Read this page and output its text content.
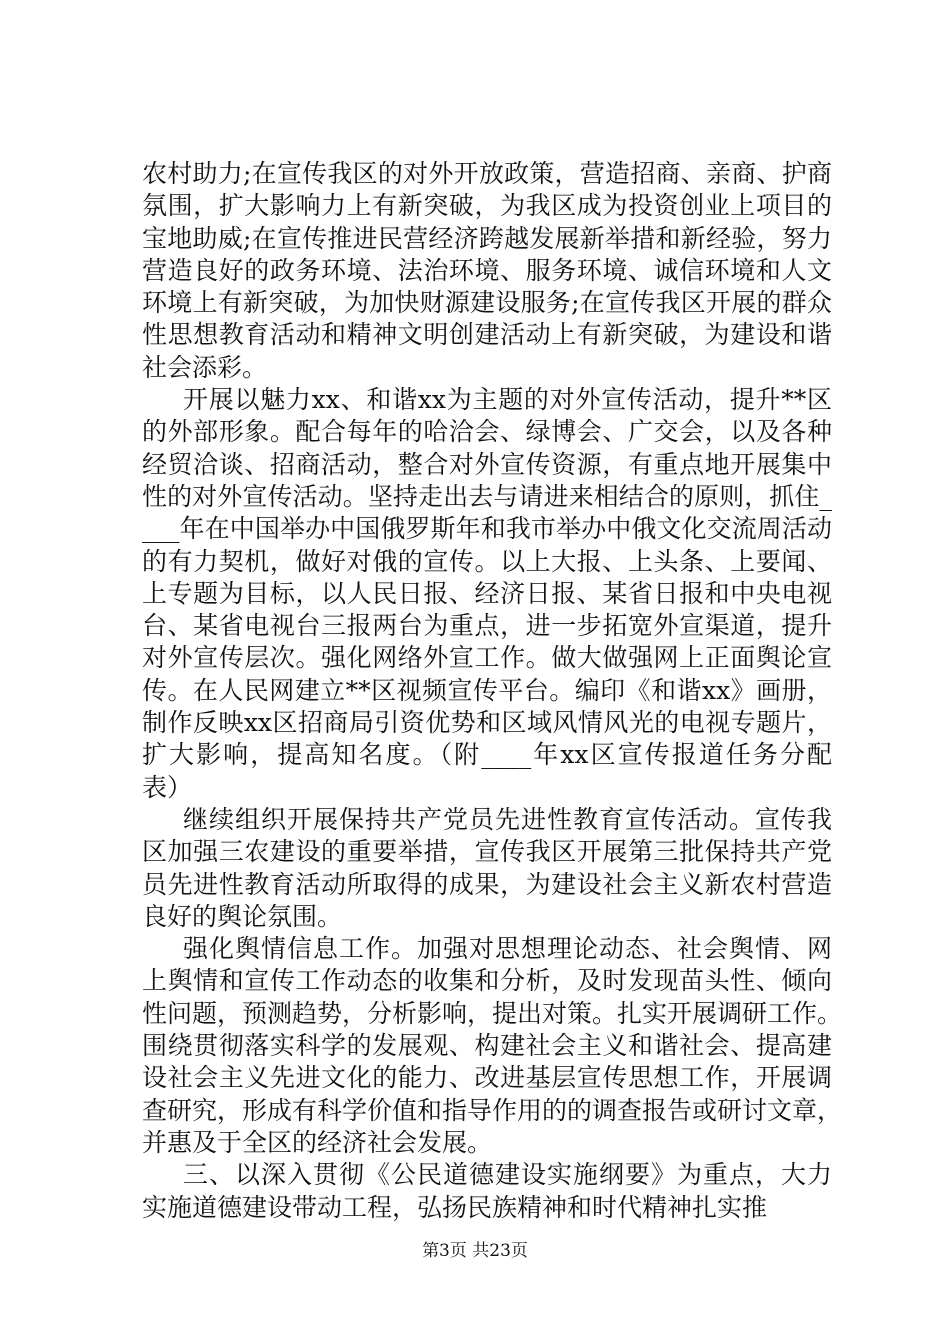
农村助力;在宣传我区的对外开放政策，营造招商、亲商、护商
氛围，扩大影响力上有新突破，为我区成为投资创业上项目的
宝地助威;在宣传推进民营经济跨越发展新举措和新经验，努力
营造良好的政务环境、法治环境、服务环境、诚信环境和人文
环境上有新突破，为加快财源建设服务;在宣传我区开展的群众
性思想教育活动和精神文明创建活动上有新突破，为建设和谐
社会添彩。
开展以魅力xx、和谐xx为主题的对外宣传活动，提升**区
的外部形象。配合每年的哈洽会、绿博会、广交会，以及各种
经贸洽谈、招商活动，整合对外宣传资源，有重点地开展集中
性的对外宣传活动。坚持走出去与请进来相结合的原则，抓住_
___年在中国举办中国俄罗斯年和我市举办中俄文化交流周活动
的有力契机，做好对俄的宣传。以上大报、上头条、上要闻、
上专题为目标，以人民日报、经济日报、某省日报和中央电视
台、某省电视台三报两台为重点，进一步拓宽外宣渠道，提升
对外宣传层次。强化网络外宣工作。做大做强网上正面舆论宣
传。在人民网建立**区视频宣传平台。编印《和谐xx》画册，
制作反映xx区招商局引资优势和区域风情风光的电视专题片，
扩大影响，提高知名度。（附____年xx区宣传报道任务分配
表）
继续组织开展保持共产党员先进性教育宣传活动。宣传我
区加强三农建设的重要举措，宣传我区开展第三批保持共产党
员先进性教育活动所取得的成果，为建设社会主义新农村营造
良好的舆论氛围。
强化舆情信息工作。加强对思想理论动态、社会舆情、网
上舆情和宣传工作动态的收集和分析，及时发现苗头性、倾向
性问题，预测趋势，分析影响，提出对策。扎实开展调研工作。
围绕贯彻落实科学的发展观、构建社会主义和谐社会、提高建
设社会主义先进文化的能力、改进基层宣传思想工作，开展调
查研究，形成有科学价值和指导作用的的调查报告或研讨文章，
并惠及于全区的经济社会发展。
三、以深入贯彻《公民道德建设实施纲要》为重点，大力
实施道德建设带动工程，弘扬民族精神和时代精神扎实推
第3页 共23页
